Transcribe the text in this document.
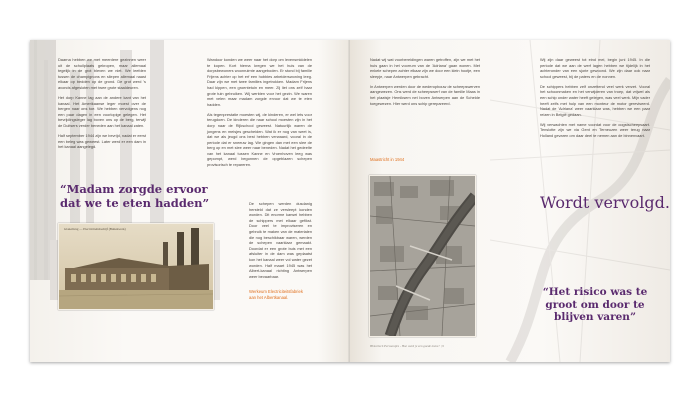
Daarna hebben we met meerdere gezinnen weer uit de schuilplaats gekropen, maar allemaal tegelijk in de grot bleven we niet. We leefden tussen de champignons en sliepen allemaal naast elkaar op bedden op de grond. De grot werd 's avonds afgesloten met twee grote staaldeuren.

Het dorp Kanne lag aan de andere kant van het kanaal. Het Amerikaanse leger moest over de bergen naar ons toe. We hebben vervolgens nog een paar dagen in een voorlopige gelegen. Het bevrijdingsleger lag boven ons op de berg, terwijl de Duitsers verder beneden aan het kanaal zaten.

Half september 1944 zijn we bevrijd, nadat er eerst een beleg was geweest. Later werd er een dam in het kanaal aangelegd.

Wandoor konden we weer naar het dorp om levensmiddelen te kopen. Kort hierna kregen we het huis van de dorpsbewoners woonruimte aangeboden. Er stond bij familie Frijens achter op het erf een hobbies arbeiderswoning leeg. Daar zijn we met twee families ingetrokken. Madam Frijens had kippen, een groentetuin en meer. Zij liet ons zelf haar grote tuin gebruiken. Wij werkten voor het gezin. We waren met velen maar madam zorgde ervoor dat we te eten hadden.

Als tegenprestatie moesten wij, de kinderen, er wel iets voor terugdoen. De kinderen die naar school moesten zijn in het dorp naar de Rijkschool geweest. Natuurlijk waren de jongens en meisjes gescheiden. Wat ik er nog van weet is, dat we als jeugd ons best hebben verwaard, vooral in de periode dat er sneeuw lag. We gingen dan met een slee de berg op en met slee weer naar beneden. Nadat het gedeelte van het kanaal tussen Kanne en Vroenhoven leeg was gepompt, werd begonnen de opgeblazen schepen provisorisch te repareren.

“Madam zorgde ervoor dat we te eten hadden”
Glanerbrug — Electriciteitsbedrijf (Buitenwerk)

De schepen werden dusdanig hersteld dat ze versleept konden worden. Dit enorme karwei hebben de schippers met elkaar gefikst. Door veel te improviseren en gebruik te maken van de materialen die nog beschikbaar waren, werden de schepen vaarklaar gemaakt. Doordat er een grote buis met een afsluiter in de dam was geplaatst kon het kanaal weer vol water gezet worden. Half maart 1945 was het Albert-kanaal richting Antwerpen weer bevaarbaar.

Werkeum Electriciteitsfabriek aan het Albertkanaal.

Nadat wij wat voorbereidingen waren getroffen, zijn we met het huis gaan in het voorrum van de 'Adriana' gaan wonen. Met enkele schepen achter elkaar zijn we door een klein hootje, een sleepje, naar Antwerpen gebracht.

In Antwerpen werden door de wederopbouw de scheepswerven aangewezen. Ons werd de scheepswerf van de familie Maas in het plaatsje Hemiksem net boven Antwerpen aan de Schelde toegewezen. Hier werd ons schip gerepareerd.

Maastricht in 1944

Wij zijn daar geweest tot eind mei, begin juni 1945. In die periode dat we aan de werf lagen hebben we tijdelijk in het achteronder van een sjorie gewoond. We zijn daar ook naar school geweest, bij de paters en de nonnen.

De schippers hebben zelf onzettend veel werk verzet. Vooral het schoonmaken en het verwijderen van troep, dat vrijwel als een schip onder water heeft gelegen, was veel werk. Mijn vader heeft zelfs met hulp van een monteur de motor gereviseerd. Nadat de 'Adriana' weer vaarklaar was, hebben we een paar reizen in België gedaan.

Wij verwachten met name voordat voor de oogstscheepvaart. Tenslotte zijn we via Gent en Terneuzen weer terug naar Holland gevaren om daar deel te nemen aan de binnenvaart.

Wordt vervolgd.
“Het risico was te groot om door te blijven varen”
Historisch Persoontjes - Hoe werd je een goede mens? | 9
